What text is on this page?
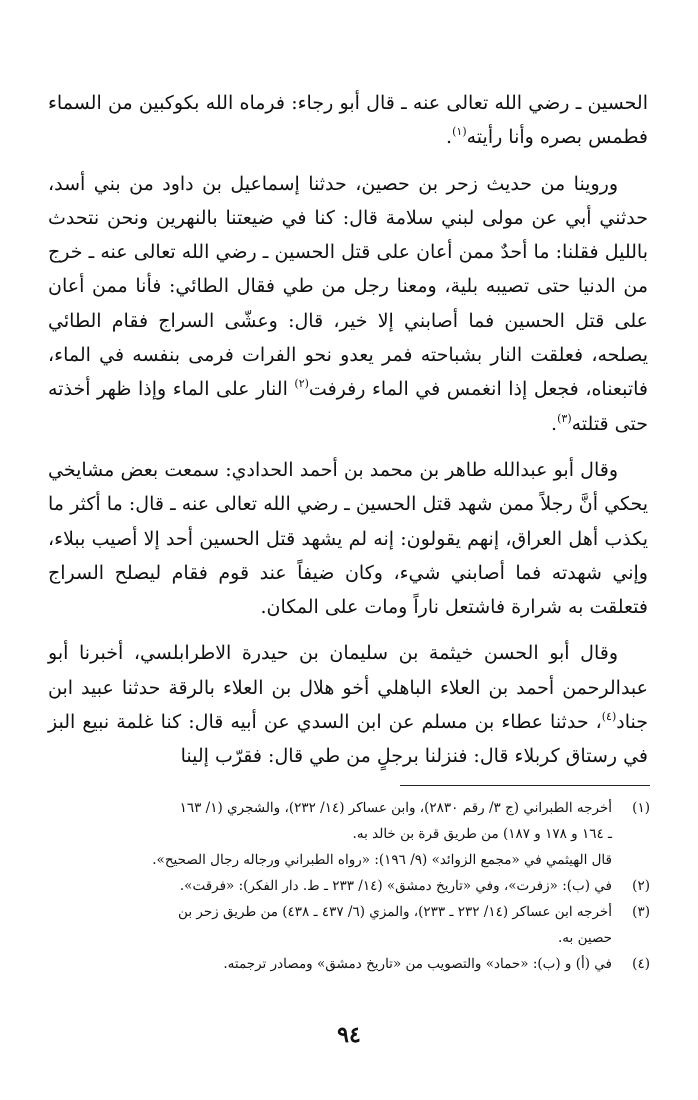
الحسين ـ رضي الله تعالى عنه ـ قال أبو رجاء: فرماه الله بكوكبين من السماء فطمس بصره وأنا رأيته$^{(١)}$.

وروينا من حديث زحر بن حصين، حدثنا إسماعيل بن داود من بني أسد، حدثني أبي عن مولى لبني سلامة قال: كنا في ضيعتنا بالنهرين ونحن نتحدث بالليل فقلنا: ما أحدٌ ممن أعان على قتل الحسين ـ رضي الله تعالى عنه ـ خرج من الدنيا حتى تصيبه بلية، ومعنا رجل من طي فقال الطائي: فأنا ممن أعان على قتل الحسين فما أصابني إلا خير، قال: وعشّى السراج فقام الطائي يصلحه، فعلقت النار بشباحته فمر يعدو نحو الفرات فرمى بنفسه في الماء، فاتبعناه، فجعل إذا انغمس في الماء رفرفت$^{(٢)}$ النار على الماء وإذا ظهر أخذته حتى قتلته$^{(٣)}$.

وقال أبو عبدالله طاهر بن محمد بن أحمد الحدادي: سمعت بعض مشايخي يحكي أنَّ رجلاً ممن شهد قتل الحسين ـ رضي الله تعالى عنه ـ قال: ما أكثر ما يكذب أهل العراق، إنهم يقولون: إنه لم يشهد قتل الحسين أحد إلا أصيب ببلاء، وإني شهدته فما أصابني شيء، وكان ضيفاً عند قوم فقام ليصلح السراج فتعلقت به شرارة فاشتعل ناراً ومات على المكان.

وقال أبو الحسن خيثمة بن سليمان بن حيدرة الاطرابلسي، أخبرنا أبو عبدالرحمن أحمد بن العلاء الباهلي أخو هلال بن العلاء بالرقة حدثنا عبيد ابن جناد$^{(٤)}$، حدثنا عطاء بن مسلم عن ابن السدي عن أبيه قال: كنا غلمة نبيع البز في رستاق كربلاء قال: فنزلنا برجلٍ من طي قال: فقرّب إلينا

(١)
أخرجه الطبراني (ج ٣/ رقم ٢٨٣٠)، وابن عساكر (١٤/ ٢٣٢)، والشجري (١/ ١٦٣
ـ ١٦٤ و ١٧٨ و ١٨٧) من طريق قرة بن خالد به.
قال الهيثمي في «مجمع الزوائد» (٩/ ١٩٦): «رواه الطبراني ورجاله رجال الصحيح».
(٢)
في (ب): «زفرت»، وفي «تاريخ دمشق» (١٤/ ٢٣٣ ـ ط. دار الفكر): «فرقت».
(٣)
أخرجه ابن عساكر (١٤/ ٢٣٢ ـ ٢٣٣)، والمزي (٦/ ٤٣٧ ـ ٤٣٨) من طريق زحر بن
حصين به.
(٤)
في (أ) و (ب): «حماد» والتصويب من «تاريخ دمشق» ومصادر ترجمته.
٩٤
